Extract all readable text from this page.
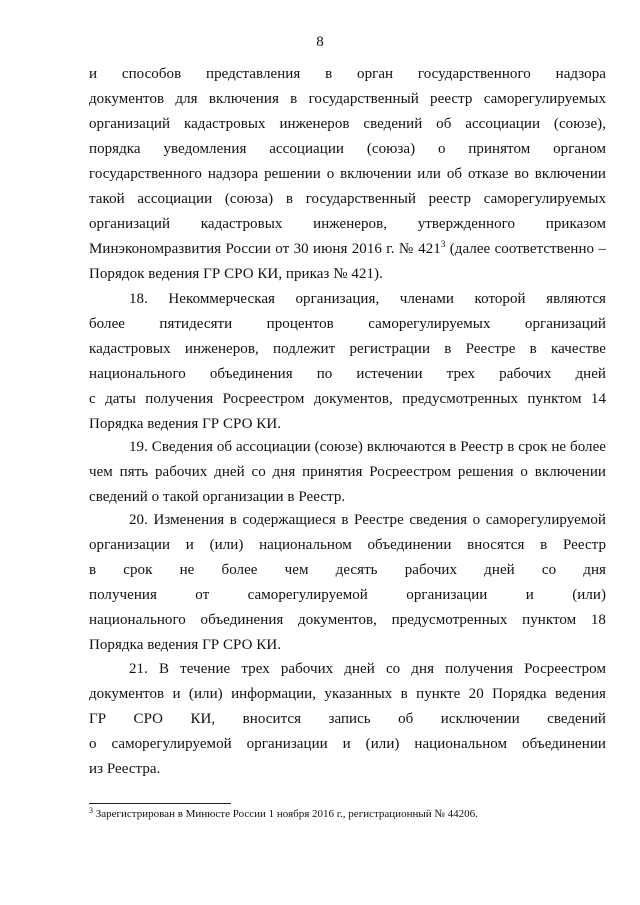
8
и способов представления в орган государственного надзора
документов для включения в государственный реестр саморегулируемых
организаций кадастровых инженеров сведений об ассоциации (союзе),
порядка уведомления ассоциации (союза) о принятом органом
государственного надзора решении о включении или об отказе во включении
такой ассоциации (союза) в государственный реестр саморегулируемых
организаций кадастровых инженеров, утвержденного приказом
Минэкономразвития России от 30 июня 2016 г. № $421^3$ (далее соответственно –
Порядок ведения ГР СРО КИ, приказ № 421).
18. Некоммерческая организация, членами которой являются
более пятидесяти процентов саморегулируемых организаций
кадастровых инженеров, подлежит регистрации в Реестре в качестве
национального объединения по истечении трех рабочих дней
с даты получения Росреестром документов, предусмотренных пунктом 14
Порядка ведения ГР СРО КИ.
19. Сведения об ассоциации (союзе) включаются в Реестр в срок не более
чем пять рабочих дней со дня принятия Росреестром решения о включении
сведений о такой организации в Реестр.
20. Изменения в содержащиеся в Реестре сведения о саморегулируемой
организации и (или) национальном объединении вносятся в Реестр
в срок не более чем десять рабочих дней со дня
получения от саморегулируемой организации и (или)
национального объединения документов, предусмотренных пунктом 18
Порядка ведения ГР СРО КИ.
21. В течение трех рабочих дней со дня получения Росреестром
документов и (или) информации, указанных в пункте 20 Порядка ведения
ГР СРО КИ, вносится запись об исключении сведений
о саморегулируемой организации и (или) национальном объединении
из Реестра.
$^3$ Зарегистрирован в Минюсте России 1 ноября 2016 г., регистрационный № 44206.
